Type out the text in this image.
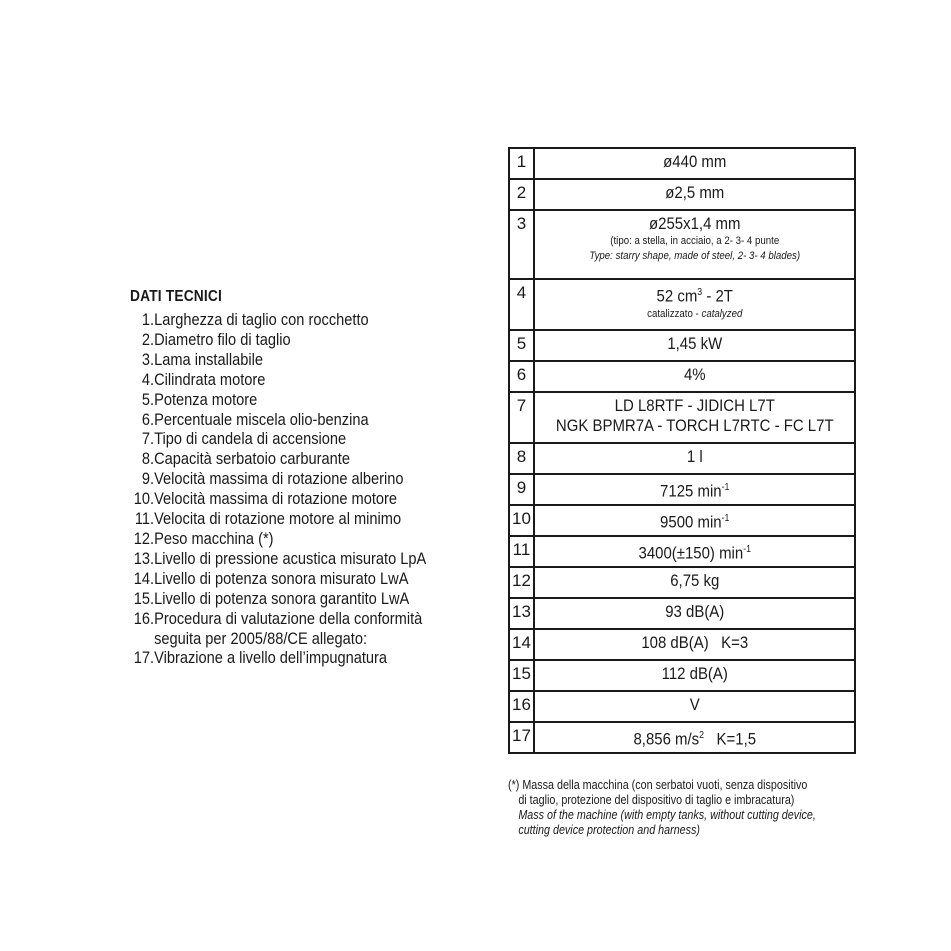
DATI TECNICI
1. Larghezza di taglio con rocchetto
2. Diametro filo di taglio
3. Lama installabile
4. Cilindrata motore
5. Potenza motore
6. Percentuale miscela olio-benzina
7. Tipo di candela di accensione
8. Capacità serbatoio carburante
9. Velocità massima di rotazione alberino
10. Velocità massima di rotazione motore
11. Velocita di rotazione motore al minimo
12. Peso macchina (*)
13. Livello di pressione acustica misurato LpA
14. Livello di potenza sonora misurato LwA
15. Livello di potenza sonora garantito LwA
16. Procedura di valutazione della conformità
seguita per 2005/88/CE allegato:
17. Vibrazione a livello dell’impugnatura
1	ø440 mm

2	ø2,5 mm

3	ø255x1,4 mm
(tipo: a stella, in acciaio, a 2- 3- 4 punte
Type: starry shape, made of steel, 2- 3- 4 blades)

4	52 $cm^3 - 2T$
catalizzato - catalyzed

5	1,45 kW

6	4%

7	LD L8RTF - JIDICH L7T
NGK BPMR7A - TORCH L7RTC - FC L7T

8	1 l

9	7125 $\min^{-1}$

10	9500 $\min^{-1}$

11	3400(±150) $\min^{-1}$

12	6,75 kg

13	93 dB(A)

14	108 dB(A)   K=3

15	112 dB(A)

16	V

17	8,856 $m/s^2$   K=1,5
(*) Massa della macchina (con serbatoi vuoti, senza dispositivo
di taglio, protezione del dispositivo di taglio e imbracatura)
Mass of the machine (with empty tanks, without cutting device,
cutting device protection and harness)
